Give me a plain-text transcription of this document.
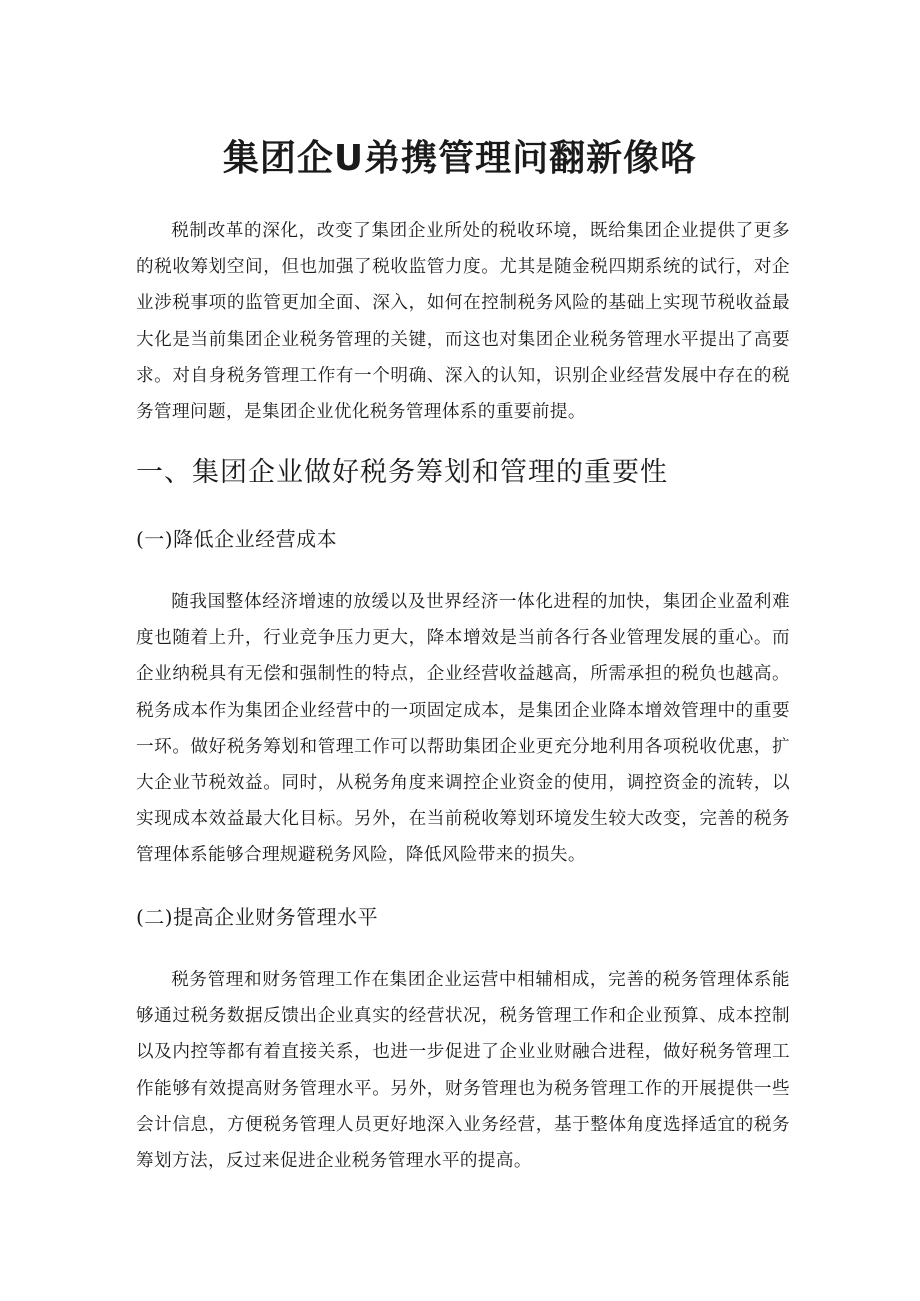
集团企U弟携管理问翻新像咯

税制改革的深化，改变了集团企业所处的税收环境，既给集团企业提供了更多的税收筹划空间，但也加强了税收监管力度。尤其是随金税四期系统的试行，对企业涉税事项的监管更加全面、深入，如何在控制税务风险的基础上实现节税收益最大化是当前集团企业税务管理的关键，而这也对集团企业税务管理水平提出了高要求。对自身税务管理工作有一个明确、深入的认知，识别企业经营发展中存在的税务管理问题，是集团企业优化税务管理体系的重要前提。

一、集团企业做好税务筹划和管理的重要性
(一)降低企业经营成本

随我国整体经济增速的放缓以及世界经济一体化进程的加快，集团企业盈利难度也随着上升，行业竞争压力更大，降本增效是当前各行各业管理发展的重心。而企业纳税具有无偿和强制性的特点，企业经营收益越高，所需承担的税负也越高。税务成本作为集团企业经营中的一项固定成本，是集团企业降本增效管理中的重要一环。做好税务筹划和管理工作可以帮助集团企业更充分地利用各项税收优惠，扩大企业节税效益。同时，从税务角度来调控企业资金的使用，调控资金的流转，以实现成本效益最大化目标。另外，在当前税收筹划环境发生较大改变，完善的税务管理体系能够合理规避税务风险，降低风险带来的损失。

(二)提高企业财务管理水平

税务管理和财务管理工作在集团企业运营中相辅相成，完善的税务管理体系能够通过税务数据反馈出企业真实的经营状况，税务管理工作和企业预算、成本控制以及内控等都有着直接关系，也进一步促进了企业业财融合进程，做好税务管理工作能够有效提高财务管理水平。另外，财务管理也为税务管理工作的开展提供一些会计信息，方便税务管理人员更好地深入业务经营，基于整体角度选择适宜的税务筹划方法，反过来促进企业税务管理水平的提高。
